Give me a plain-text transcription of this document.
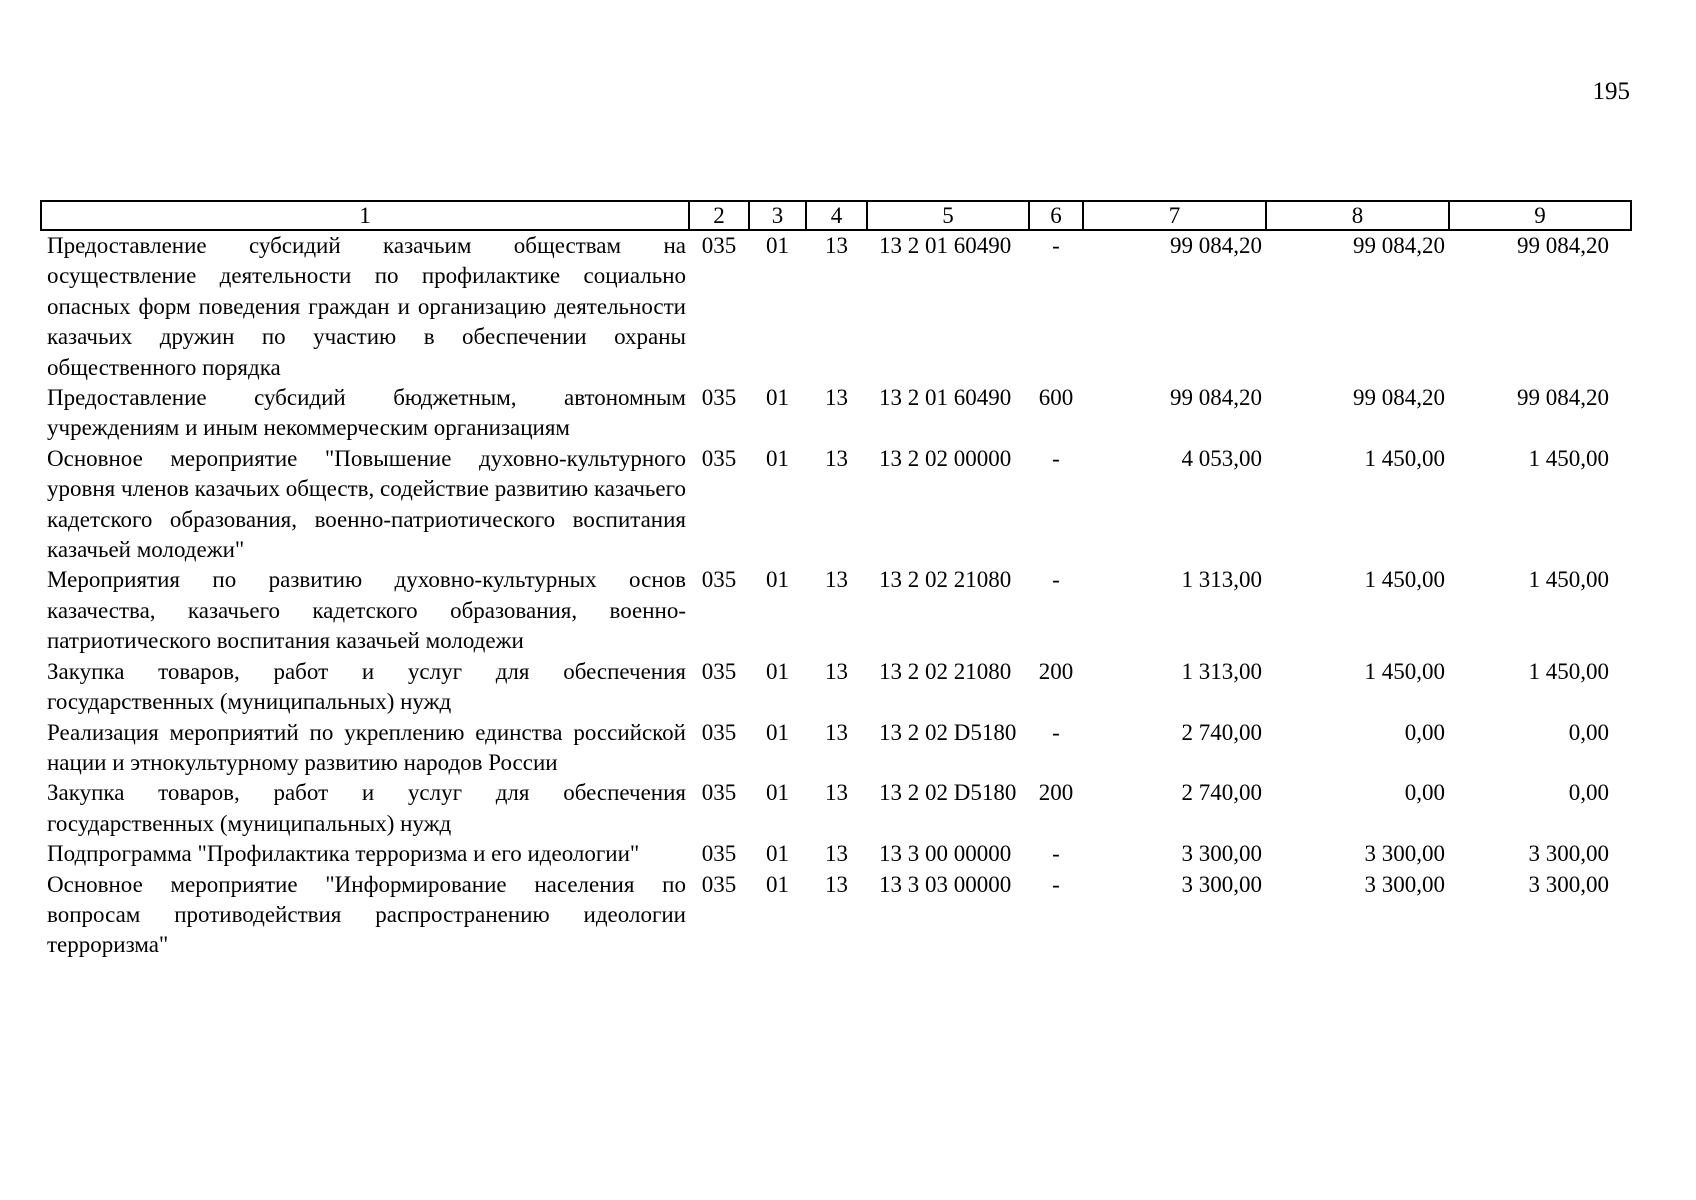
195
1	2	3	4	5	6	7	8	9
Предоставление субсидий казачьим обществам на осуществление деятельности по профилактике социально опасных форм поведения граждан и организацию деятельности казачьих дружин по участию в обеспечении охраны общественного порядка	035	01	13	13 2 01 60490	-	99 084,20	99 084,20	99 084,20
Предоставление субсидий бюджетным, автономным учреждениям и иным некоммерческим организациям	035	01	13	13 2 01 60490	600	99 084,20	99 084,20	99 084,20
Основное мероприятие "Повышение духовно-культурного уровня членов казачьих обществ, содействие развитию казачьего кадетского образования, военно-патриотического воспитания казачьей молодежи"	035	01	13	13 2 02 00000	-	4 053,00	1 450,00	1 450,00
Мероприятия по развитию духовно-культурных основ казачества, казачьего кадетского образования, военно-патриотического воспитания казачьей молодежи	035	01	13	13 2 02 21080	-	1 313,00	1 450,00	1 450,00
Закупка товаров, работ и услуг для обеспечения государственных (муниципальных) нужд	035	01	13	13 2 02 21080	200	1 313,00	1 450,00	1 450,00
Реализация мероприятий по укреплению единства российской нации и этнокультурному развитию народов России	035	01	13	13 2 02 D5180	-	2 740,00	0,00	0,00
Закупка товаров, работ и услуг для обеспечения государственных (муниципальных) нужд	035	01	13	13 2 02 D5180	200	2 740,00	0,00	0,00
Подпрограмма "Профилактика терроризма и его идеологии"	035	01	13	13 3 00 00000	-	3 300,00	3 300,00	3 300,00
Основное мероприятие "Информирование населения по вопросам противодействия распространению идеологии терроризма"	035	01	13	13 3 03 00000	-	3 300,00	3 300,00	3 300,00
